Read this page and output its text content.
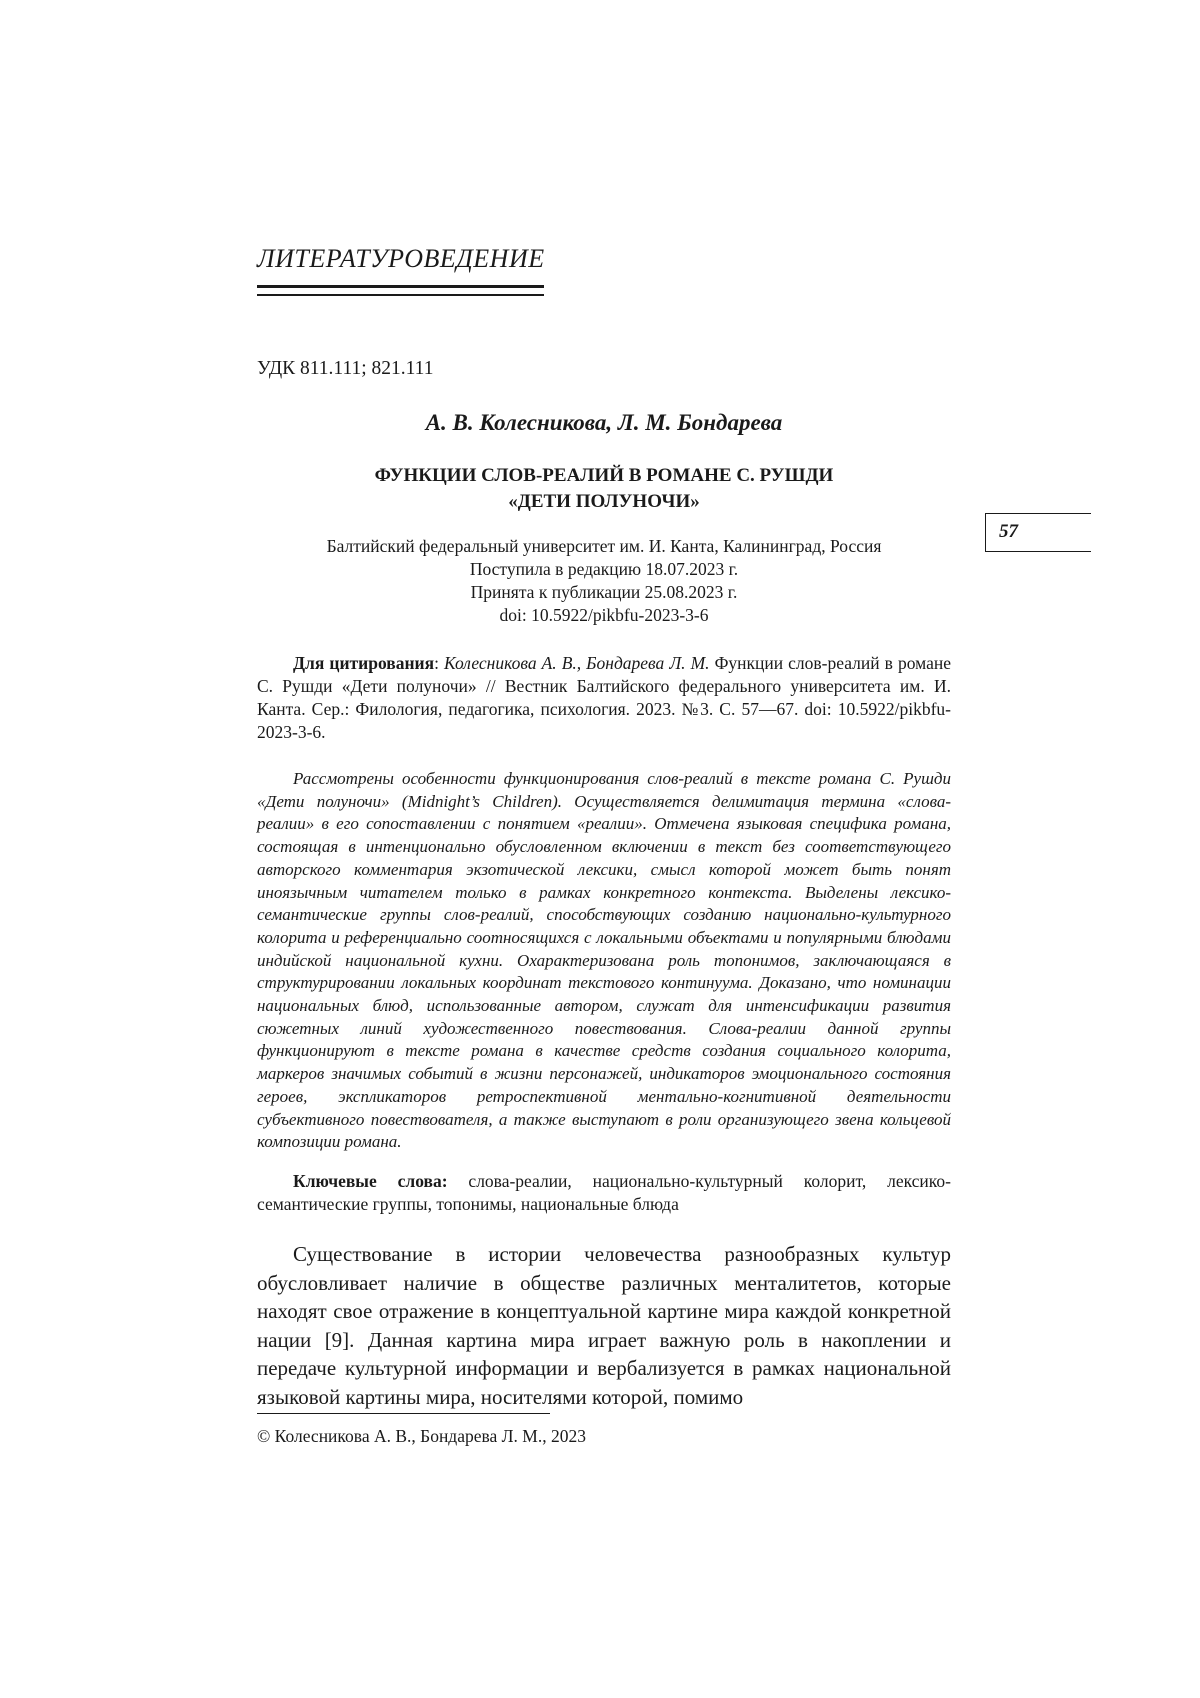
ЛИТЕРАТУРОВЕДЕНИЕ
УДК 811.111; 821.111
А. В. Колесникова, Л. М. Бондарева
ФУНКЦИИ СЛОВ-РЕАЛИЙ В РОМАНЕ С. РУШДИ
«ДЕТИ ПОЛУНОЧИ»
Балтийский федеральный университет им. И. Канта, Калининград, Россия
Поступила в редакцию 18.07.2023 г.
Принята к публикации 25.08.2023 г.
doi: 10.5922/pikbfu-2023-3-6
57

Для цитирования: Колесникова А. В., Бондарева Л. М. Функции слов-реалий в романе С. Рушди «Дети полуночи» // Вестник Балтийского федерального университета им. И. Канта. Сер.: Филология, педагогика, психология. 2023. №3. С. 57—67. doi: 10.5922/pikbfu-2023-3-6.

Рассмотрены особенности функционирования слов-реалий в тексте романа С. Рушди «Дети полуночи» (Midnight’s Children). Осуществляется делимитация термина «слова-реалии» в его сопоставлении с понятием «реалии». Отмечена языковая специфика романа, состоящая в интенционально обусловленном включении в текст без соответствующего авторского комментария экзотической лексики, смысл которой может быть понят иноязычным читателем только в рамках конкретного контекста. Выделены лексико-семантические группы слов-реалий, способствующих созданию национально-культурного колорита и референциально соотносящихся с локальными объектами и популярными блюдами индийской национальной кухни. Охарактеризована роль топонимов, заключающаяся в структурировании локальных координат текстового континуума. Доказано, что номинации национальных блюд, использованные автором, служат для интенсификации развития сюжетных линий художественного повествования. Слова-реалии данной группы функционируют в тексте романа в качестве средств создания социального колорита, маркеров значимых событий в жизни персонажей, индикаторов эмоционального состояния героев, экспликаторов ретроспективной ментально-когнитивной деятельности субъективного повествователя, а также выступают в роли организующего звена кольцевой композиции романа.

Ключевые слова: слова-реалии, национально-культурный колорит, лексико-семантические группы, топонимы, национальные блюда

Существование в истории человечества разнообразных культур обусловливает наличие в обществе различных менталитетов, которые находят свое отражение в концептуальной картине мира каждой конкретной нации [9]. Данная картина мира играет важную роль в накоплении и передаче культурной информации и вербализуется в рамках национальной языковой картины мира, носителями которой, помимо

© Колесникова А. В., Бондарева Л. М., 2023
